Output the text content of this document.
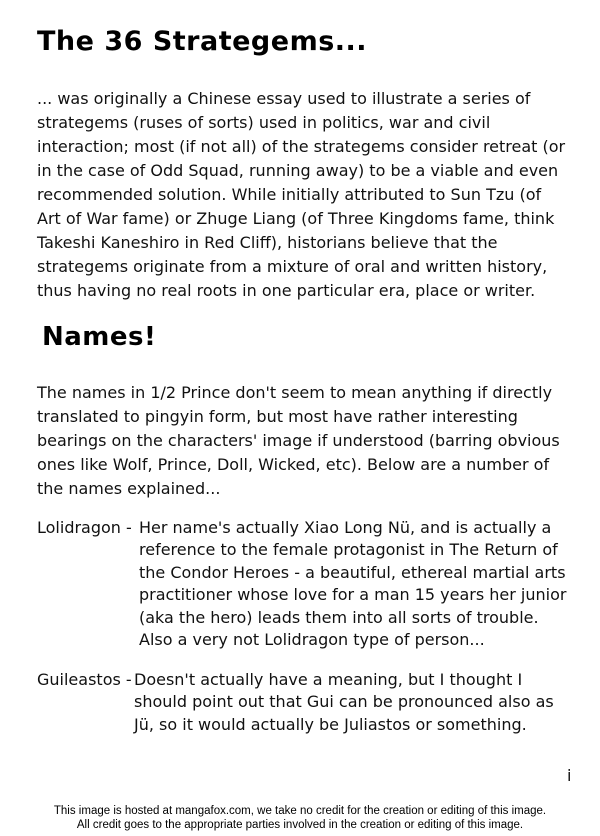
The 36 Strategems...

... was originally a Chinese essay used to illustrate a series of strategems (ruses of sorts) used in politics, war and civil interaction; most (if not all) of the strategems consider retreat (or in the case of Odd Squad, running away) to be a viable and even recommended solution. While initially attributed to Sun Tzu (of Art of War fame) or Zhuge Liang (of Three Kingdoms fame, think Takeshi Kaneshiro in Red Cliff), historians believe that the strategems originate from a mixture of oral and written history, thus having no real roots in one particular era, place or writer.

Names!

The names in 1/2 Prince don't seem to mean anything if directly translated to pingyin form, but most have rather interesting bearings on the characters' image if understood (barring obvious ones like Wolf, Prince, Doll, Wicked, etc). Below are a number of the names explained...

Lolidragon - Her name's actually Xiao Long Nü, and is actually a reference to the female protagonist in The Return of the Condor Heroes - a beautiful, ethereal martial arts practitioner whose love for a man 15 years her junior (aka the hero) leads them into all sorts of trouble. Also a very not Lolidragon type of person...
Guileastos - Doesn't actually have a meaning, but I thought I should point out that Gui can be pronounced also as Jü, so it would actually be Juliastos or something.
i
This image is hosted at mangafox.com, we take no credit for the creation or editing of this image.
All credit goes to the appropriate parties involved in the creation or editing of this image.
